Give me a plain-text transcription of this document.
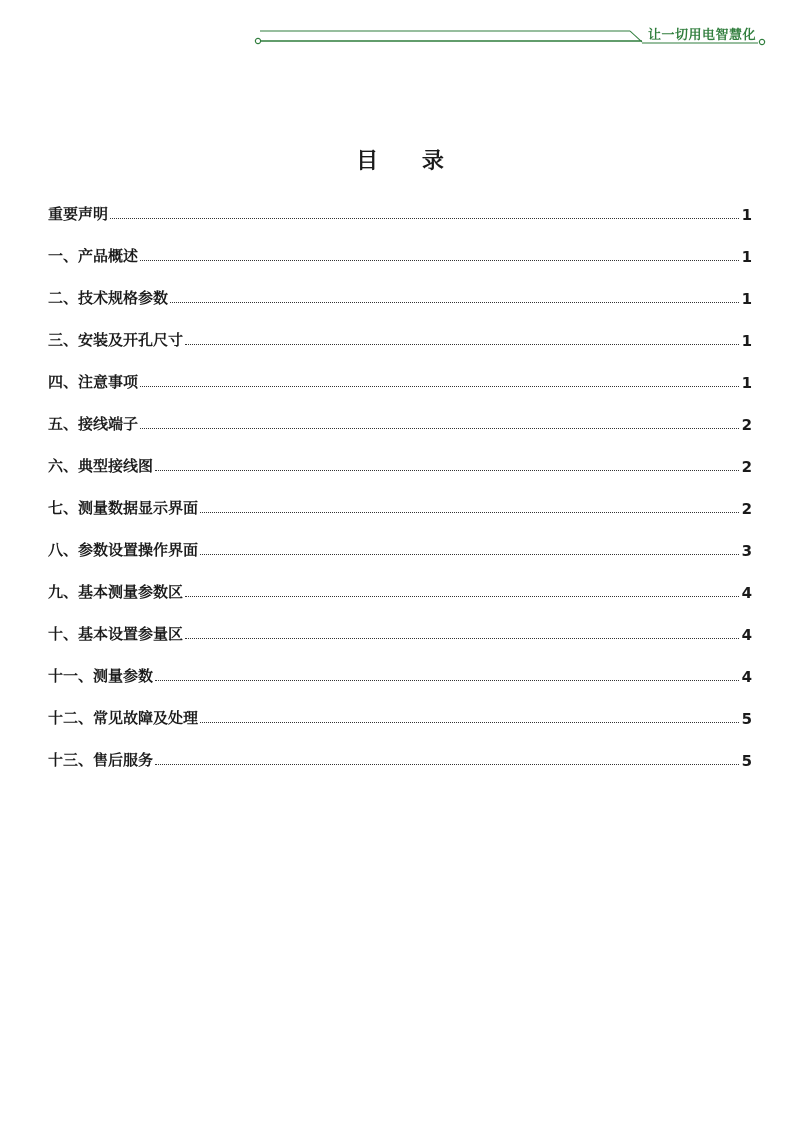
让一切用电智慧化
目 录
重要声明	1
一、产品概述	1
二、技术规格参数	1
三、安装及开孔尺寸	1
四、注意事项	1
五、接线端子	2
六、典型接线图	2
七、测量数据显示界面	2
八、参数设置操作界面	3
九、基本测量参数区	4
十、基本设置参量区	4
十一、测量参数	4
十二、常见故障及处理	5
十三、售后服务	5
